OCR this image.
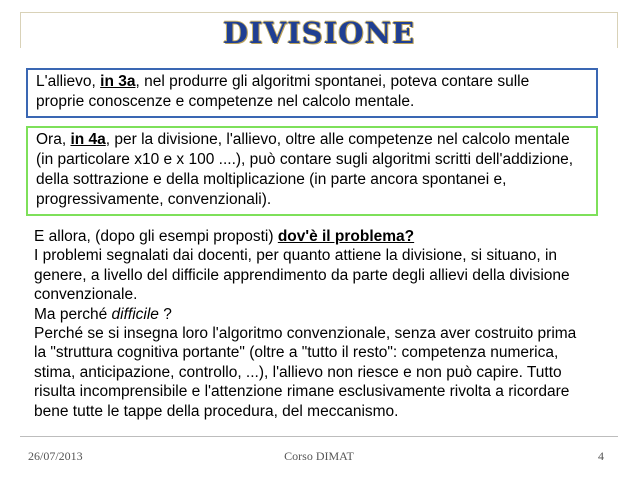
DIVISIONE
L'allievo, in 3a, nel produrre gli algoritmi spontanei, poteva contare sulle
proprie conoscenze e competenze nel calcolo mentale.
Ora, in 4a, per la divisione, l'allievo, oltre alle competenze nel calcolo mentale
(in particolare x10 e x 100 ....), può contare sugli algoritmi scritti dell'addizione,
della sottrazione e della moltiplicazione (in parte ancora spontanei e,
progressivamente, convenzionali).
E allora, (dopo gli esempi proposti) dov'è il problema?
I problemi segnalati dai docenti, per quanto attiene la divisione, si situano, in
genere, a livello del difficile apprendimento da parte degli allievi della divisione
convenzionale.
Ma perché difficile ?
Perché se si insegna loro l'algoritmo convenzionale, senza aver costruito prima
la "struttura cognitiva portante" (oltre a "tutto il resto": competenza numerica,
stima, anticipazione, controllo, ...), l'allievo non riesce e non può capire. Tutto
risulta incomprensibile e l'attenzione rimane esclusivamente rivolta a ricordare
bene tutte le tappe della procedura, del meccanismo.
26/07/2013	Corso DIMAT	4
